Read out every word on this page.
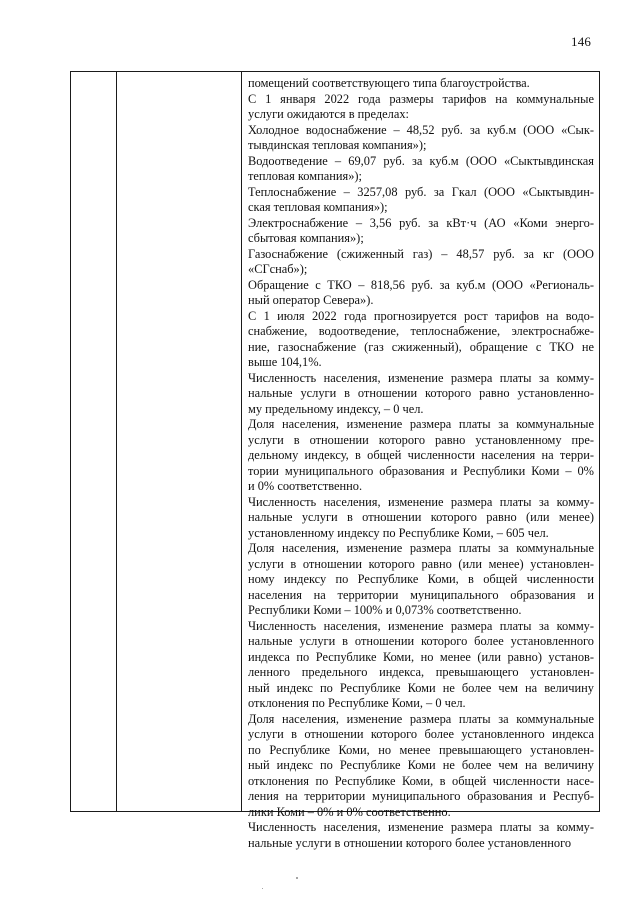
146

помещений соответствующего типа благоустройства.

С 1 января 2022 года размеры тарифов на коммунальные
услуги ожидаются в пределах:

Холодное водоснабжение – 48,52 руб. за куб.м (ООО «Сык-
тывдинская тепловая компания»);

Водоотведение – 69,07 руб. за куб.м (ООО «Сыктывдинская
тепловая компания»);

Теплоснабжение – 3257,08 руб. за Гкал (ООО «Сыктывдин-
ская тепловая компания»);

Электроснабжение – 3,56 руб. за кВт·ч (АО «Коми энерго-
сбытовая компания»);

Газоснабжение (сжиженный газ) – 48,57 руб. за кг (ООО
«СГснаб»);

Обращение с ТКО – 818,56 руб. за куб.м (ООО «Региональ-
ный оператор Севера»).

С 1 июля 2022 года прогнозируется рост тарифов на водо-
снабжение, водоотведение, теплоснабжение, электроснабже-
ние, газоснабжение (газ сжиженный), обращение с ТКО не
выше 104,1%.

Численность населения, изменение размера платы за комму-
нальные услуги в отношении которого равно установленно-
му предельному индексу, – 0 чел.

Доля населения, изменение размера платы за коммунальные
услуги в отношении которого равно установленному пре-
дельному индексу, в общей численности населения на терри-
тории муниципального образования и Республики Коми – 0%
и 0% соответственно.

Численность населения, изменение размера платы за комму-
нальные услуги в отношении которого равно (или менее)
установленному индексу по Республике Коми, – 605 чел.

Доля населения, изменение размера платы за коммунальные
услуги в отношении которого равно (или менее) установлен-
ному индексу по Республике Коми, в общей численности
населения на территории муниципального образования и
Республики Коми – 100% и 0,073% соответственно.

Численность населения, изменение размера платы за комму-
нальные услуги в отношении которого более установленного
индекса по Республике Коми, но менее (или равно) установ-
ленного предельного индекса, превышающего установлен-
ный индекс по Республике Коми не более чем на величину
отклонения по Республике Коми, – 0 чел.

Доля населения, изменение размера платы за коммунальные
услуги в отношении которого более установленного индекса
по Республике Коми, но менее превышающего установлен-
ный индекс по Республике Коми не более чем на величину
отклонения по Республике Коми, в общей численности насе-
ления на территории муниципального образования и Респуб-
лики Коми – 0% и 0% соответственно.

Численность населения, изменение размера платы за комму-
нальные услуги в отношении которого более установленного
